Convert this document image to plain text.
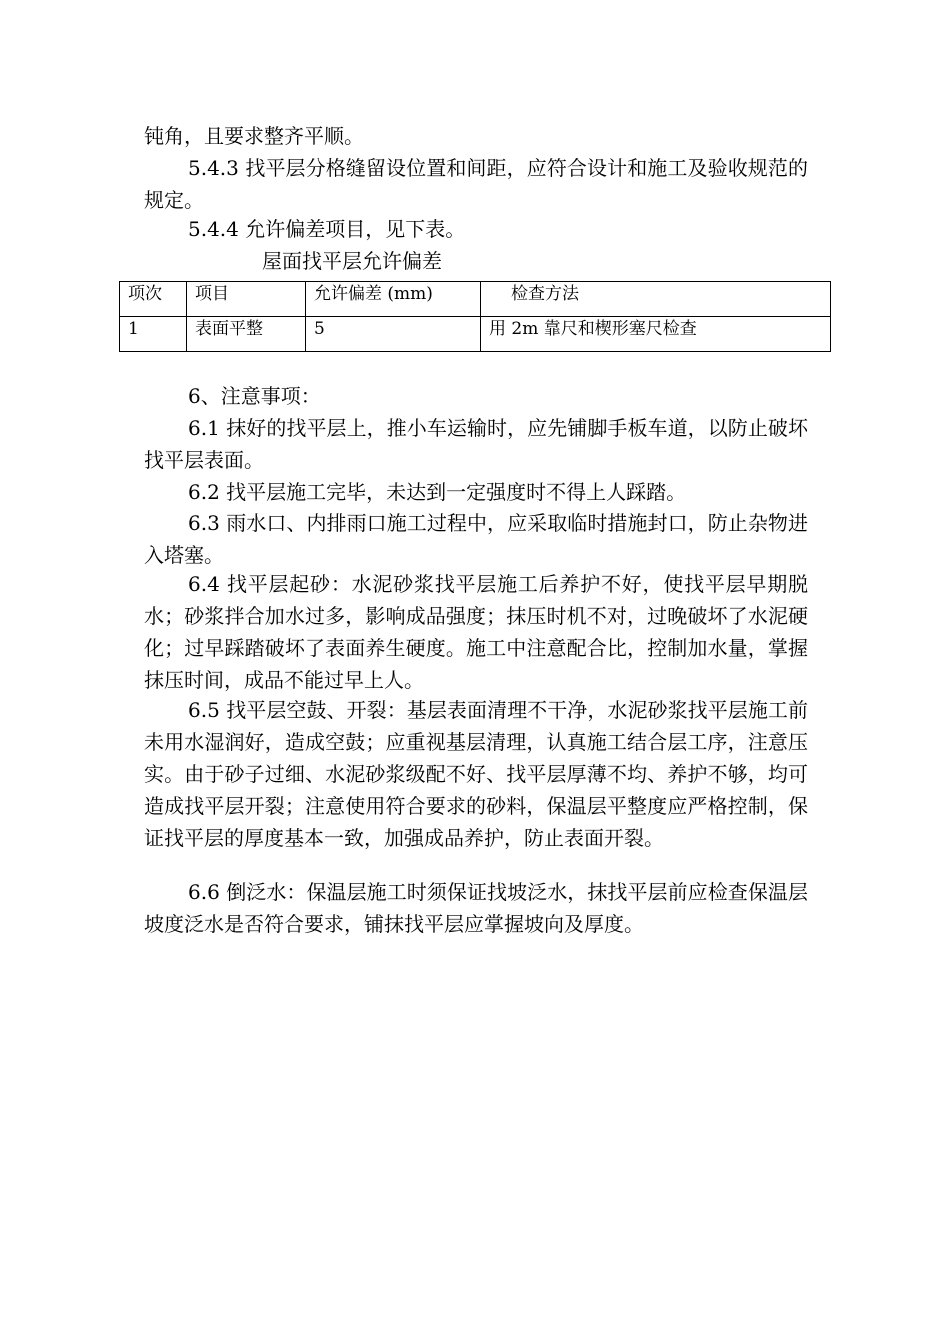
钝角，且要求整齐平顺。
5.4.3 找平层分格缝留设位置和间距，应符合设计和施工及验收规范的规定。
5.4.4 允许偏差项目，见下表。
屋面找平层允许偏差
项次	项目	允许偏差 (mm)	检查方法
1	表面平整	5	用 2m 靠尺和楔形塞尺检查
6、注意事项：
6.1 抹好的找平层上，推小车运输时，应先铺脚手板车道，以防止破坏找平层表面。
6.2 找平层施工完毕，未达到一定强度时不得上人踩踏。
6.3 雨水口、内排雨口施工过程中，应采取临时措施封口，防止杂物进入塔塞。
6.4 找平层起砂：水泥砂浆找平层施工后养护不好，使找平层早期脱水；砂浆拌合加水过多，影响成品强度；抹压时机不对，过晚破坏了水泥硬化；过早踩踏破坏了表面养生硬度。施工中注意配合比，控制加水量，掌握抹压时间，成品不能过早上人。
6.5 找平层空鼓、开裂：基层表面清理不干净，水泥砂浆找平层施工前未用水湿润好，造成空鼓；应重视基层清理，认真施工结合层工序，注意压实。由于砂子过细、水泥砂浆级配不好、找平层厚薄不均、养护不够，均可造成找平层开裂；注意使用符合要求的砂料，保温层平整度应严格控制，保证找平层的厚度基本一致，加强成品养护，防止表面开裂。
6.6 倒泛水：保温层施工时须保证找坡泛水，抹找平层前应检查保温层坡度泛水是否符合要求，铺抹找平层应掌握坡向及厚度。
